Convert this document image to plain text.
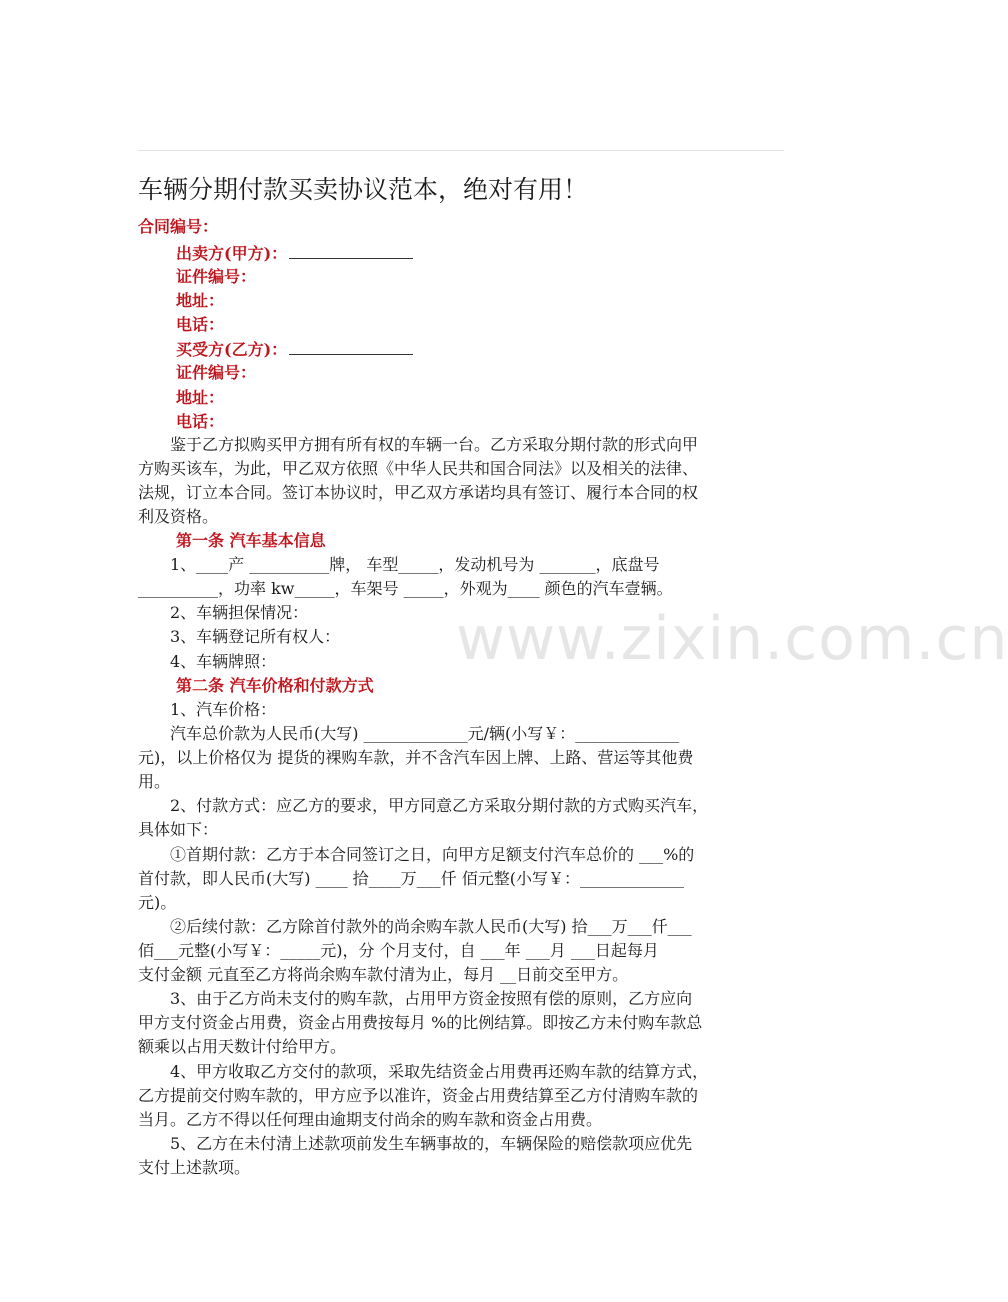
车辆分期付款买卖协议范本，绝对有用！
合同编号：
出卖方(甲方)：
证件编号：
地址：
电话：
买受方(乙方)：
证件编号：
地址：
电话：
　　鉴于乙方拟购买甲方拥有所有权的车辆一台。乙方采取分期付款的形式向甲
方购买该车，为此，甲乙双方依照《中华人民共和国合同法》以及相关的法律、
法规，订立本合同。签订本协议时，甲乙双方承诺均具有签订、履行本合同的权
利及资格。
第一条 汽车基本信息
　　1、____产 __________牌， 车型_____，发动机号为 _______，底盘号
__________，功率 kw_____，车架号 _____，外观为____ 颜色的汽车壹辆。
　　2、车辆担保情况：
　　3、车辆登记所有权人：
　　4、车辆牌照：
第二条 汽车价格和付款方式
　　1、汽车价格：
　　汽车总价款为人民币(大写) _____________元/辆(小写￥：_____________
元)，以上价格仅为 提货的裸购车款，并不含汽车因上牌、上路、营运等其他费
用。
　　2、付款方式：应乙方的要求，甲方同意乙方采取分期付款的方式购买汽车，
具体如下：
　　①首期付款：乙方于本合同签订之日，向甲方足额支付汽车总价的 ___%的
首付款，即人民币(大写) ____ 拾____万___仟 佰元整(小写￥：_____________
元)。
　　②后续付款：乙方除首付款外的尚余购车款人民币(大写) 拾___万___仟___
佰___元整(小写￥：_____元)，分 个月支付，自 ___年 ___月 ___日起每月
支付金额 元直至乙方将尚余购车款付清为止，每月 __日前交至甲方。
　　3、由于乙方尚未支付的购车款，占用甲方资金按照有偿的原则，乙方应向
甲方支付资金占用费，资金占用费按每月 %的比例结算。即按乙方未付购车款总
额乘以占用天数计付给甲方。
　　4、甲方收取乙方交付的款项，采取先结资金占用费再还购车款的结算方式，
乙方提前交付购车款的，甲方应予以准许，资金占用费结算至乙方付清购车款的
当月。乙方不得以任何理由逾期支付尚余的购车款和资金占用费。
　　5、乙方在未付清上述款项前发生车辆事故的，车辆保险的赔偿款项应优先
支付上述款项。
www.zixin.com.cn
